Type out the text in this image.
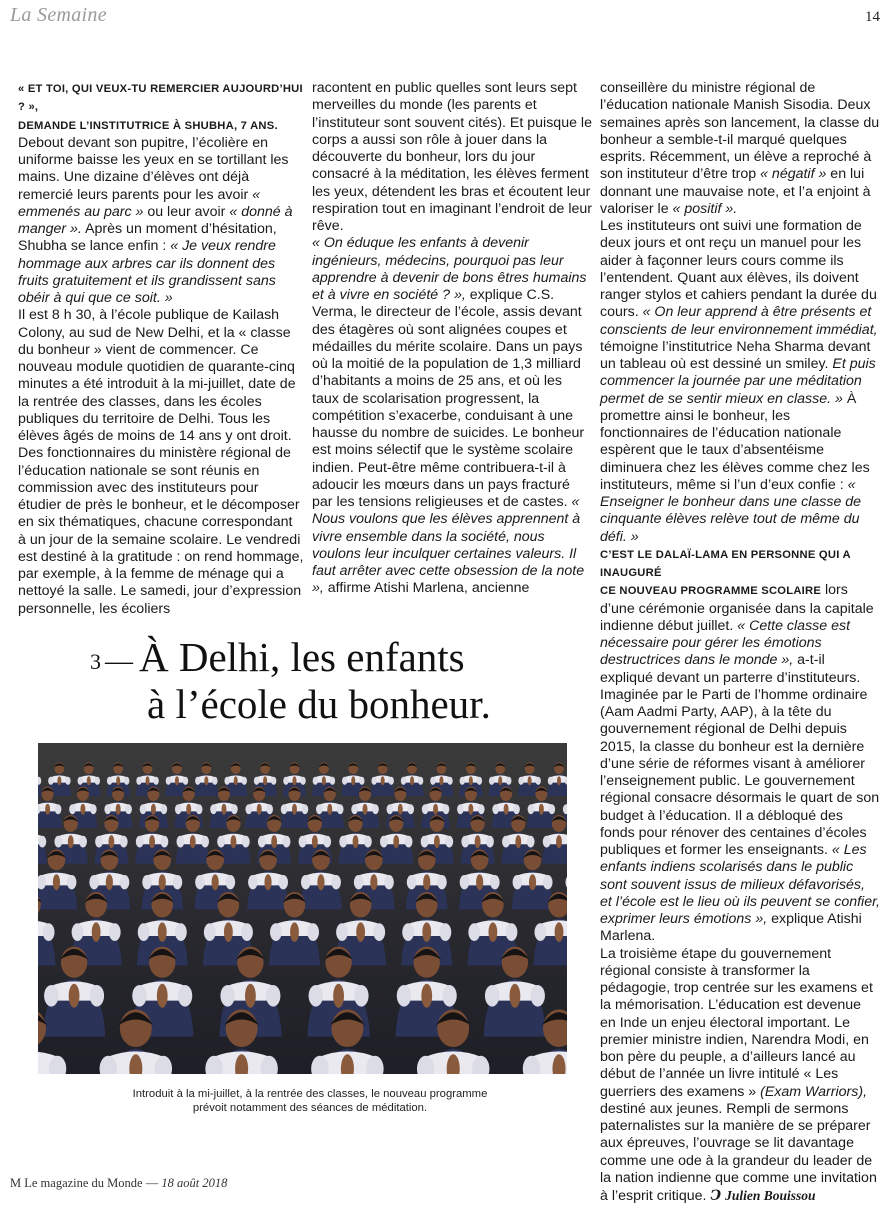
La Semaine	14

« ET TOI, QUI VEUX-TU REMERCIER AUJOURD’HUI ? »,
DEMANDE L’INSTITUTRICE À SHUBHA, 7 ANS. Debout devant son pupitre, l’écolière en uniforme baisse les yeux en se tortillant les mains. Une dizaine d’élèves ont déjà remercié leurs parents pour les avoir « emmenés au parc » ou leur avoir « donné à manger ». Après un moment d’hésitation, Shubha se lance enfin : « Je veux rendre hommage aux arbres car ils donnent des fruits gratuitement et ils grandissent sans obéir à qui que ce soit. »

Il est 8 h 30, à l’école publique de Kailash Colony, au sud de New Delhi, et la « classe du bonheur » vient de commencer. Ce nouveau module quotidien de quarante-cinq minutes a été introduit à la mi-juillet, date de la rentrée des classes, dans les écoles publiques du territoire de Delhi. Tous les élèves âgés de moins de 14 ans y ont droit. Des fonctionnaires du ministère régional de l’éducation nationale se sont réunis en commission avec des instituteurs pour étudier de près le bonheur, et le décomposer en six thématiques, chacune correspondant à un jour de la semaine scolaire. Le vendredi est destiné à la gratitude : on rend hommage, par exemple, à la femme de ménage qui a nettoyé la salle. Le samedi, jour d’expression personnelle, les écoliers

racontent en public quelles sont leurs sept merveilles du monde (les parents et l’instituteur sont souvent cités). Et puisque le corps a aussi son rôle à jouer dans la découverte du bonheur, lors du jour consacré à la méditation, les élèves ferment les yeux, détendent les bras et écoutent leur respiration tout en imaginant l’endroit de leur rêve.

« On éduque les enfants à devenir ingénieurs, médecins, pourquoi pas leur apprendre à devenir de bons êtres humains et à vivre en société ? », explique C.S. Verma, le directeur de l’école, assis devant des étagères où sont alignées coupes et médailles du mérite scolaire. Dans un pays où la moitié de la population de 1,3 milliard d’habitants a moins de 25 ans, et où les taux de scolarisation progressent, la compétition s’exacerbe, conduisant à une hausse du nombre de suicides. Le bonheur est moins sélectif que le système scolaire indien. Peut-être même contribuera-t-il à adoucir les mœurs dans un pays fracturé par les tensions religieuses et de castes. « Nous voulons que les élèves apprennent à vivre ensemble dans la société, nous voulons leur inculquer certaines valeurs. Il faut arrêter avec cette obsession de la note », affirme Atishi Marlena, ancienne

conseillère du ministre régional de l’éducation nationale Manish Sisodia. Deux semaines après son lancement, la classe du bonheur a semble-t-il marqué quelques esprits. Récemment, un élève a reproché à son instituteur d’être trop « négatif » en lui donnant une mauvaise note, et l’a enjoint à valoriser le « positif ».

Les instituteurs ont suivi une formation de deux jours et ont reçu un manuel pour les aider à façonner leurs cours comme ils l’entendent. Quant aux élèves, ils doivent ranger stylos et cahiers pendant la durée du cours. « On leur apprend à être présents et conscients de leur environnement immédiat, témoigne l’institutrice Neha Sharma devant un tableau où est dessiné un smiley. Et puis commencer la journée par une méditation permet de se sentir mieux en classe. » À promettre ainsi le bonheur, les fonctionnaires de l’éducation nationale espèrent que le taux d’absentéisme diminuera chez les élèves comme chez les instituteurs, même si l’un d’eux confie : « Enseigner le bonheur dans une classe de cinquante élèves relève tout de même du défi. »

C’EST LE DALAÏ-LAMA EN PERSONNE QUI A INAUGURÉ
CE NOUVEAU PROGRAMME SCOLAIRE lors d’une cérémonie organisée dans la capitale indienne début juillet. « Cette classe est nécessaire pour gérer les émotions destructrices dans le monde », a-t-il expliqué devant un parterre d’instituteurs. Imaginée par le Parti de l’homme ordinaire (Aam Aadmi Party, AAP), à la tête du gouvernement régional de Delhi depuis 2015, la classe du bonheur est la dernière d’une série de réformes visant à améliorer l’enseignement public. Le gouvernement régional consacre désormais le quart de son budget à l’éducation. Il a débloqué des fonds pour rénover des centaines d’écoles publiques et former les enseignants. « Les enfants indiens scolarisés dans le public sont souvent issus de milieux défavorisés, et l’école est le lieu où ils peuvent se confier, exprimer leurs émotions », explique Atishi Marlena.

La troisième étape du gouvernement régional consiste à transformer la pédagogie, trop centrée sur les examens et la mémorisation. L’éducation est devenue en Inde un enjeu électoral important. Le premier ministre indien, Narendra Modi, en bon père du peuple, a d’ailleurs lancé au début de l’année un livre intitulé « Les guerriers des examens » (Exam Warriors), destiné aux jeunes. Rempli de sermons paternalistes sur la manière de se préparer aux épreuves, l’ouvrage se lit davantage comme une ode à la grandeur du leader de la nation indienne que comme une invitation à l’esprit critique. Ↄ Julien Bouissou

3 — À Delhi, les enfants
à l’école du bonheur.
Introduit à la mi-juillet, à la rentrée des classes, le nouveau programme prévoit notamment des séances de méditation.
M Le magazine du Monde — 18 août 2018
